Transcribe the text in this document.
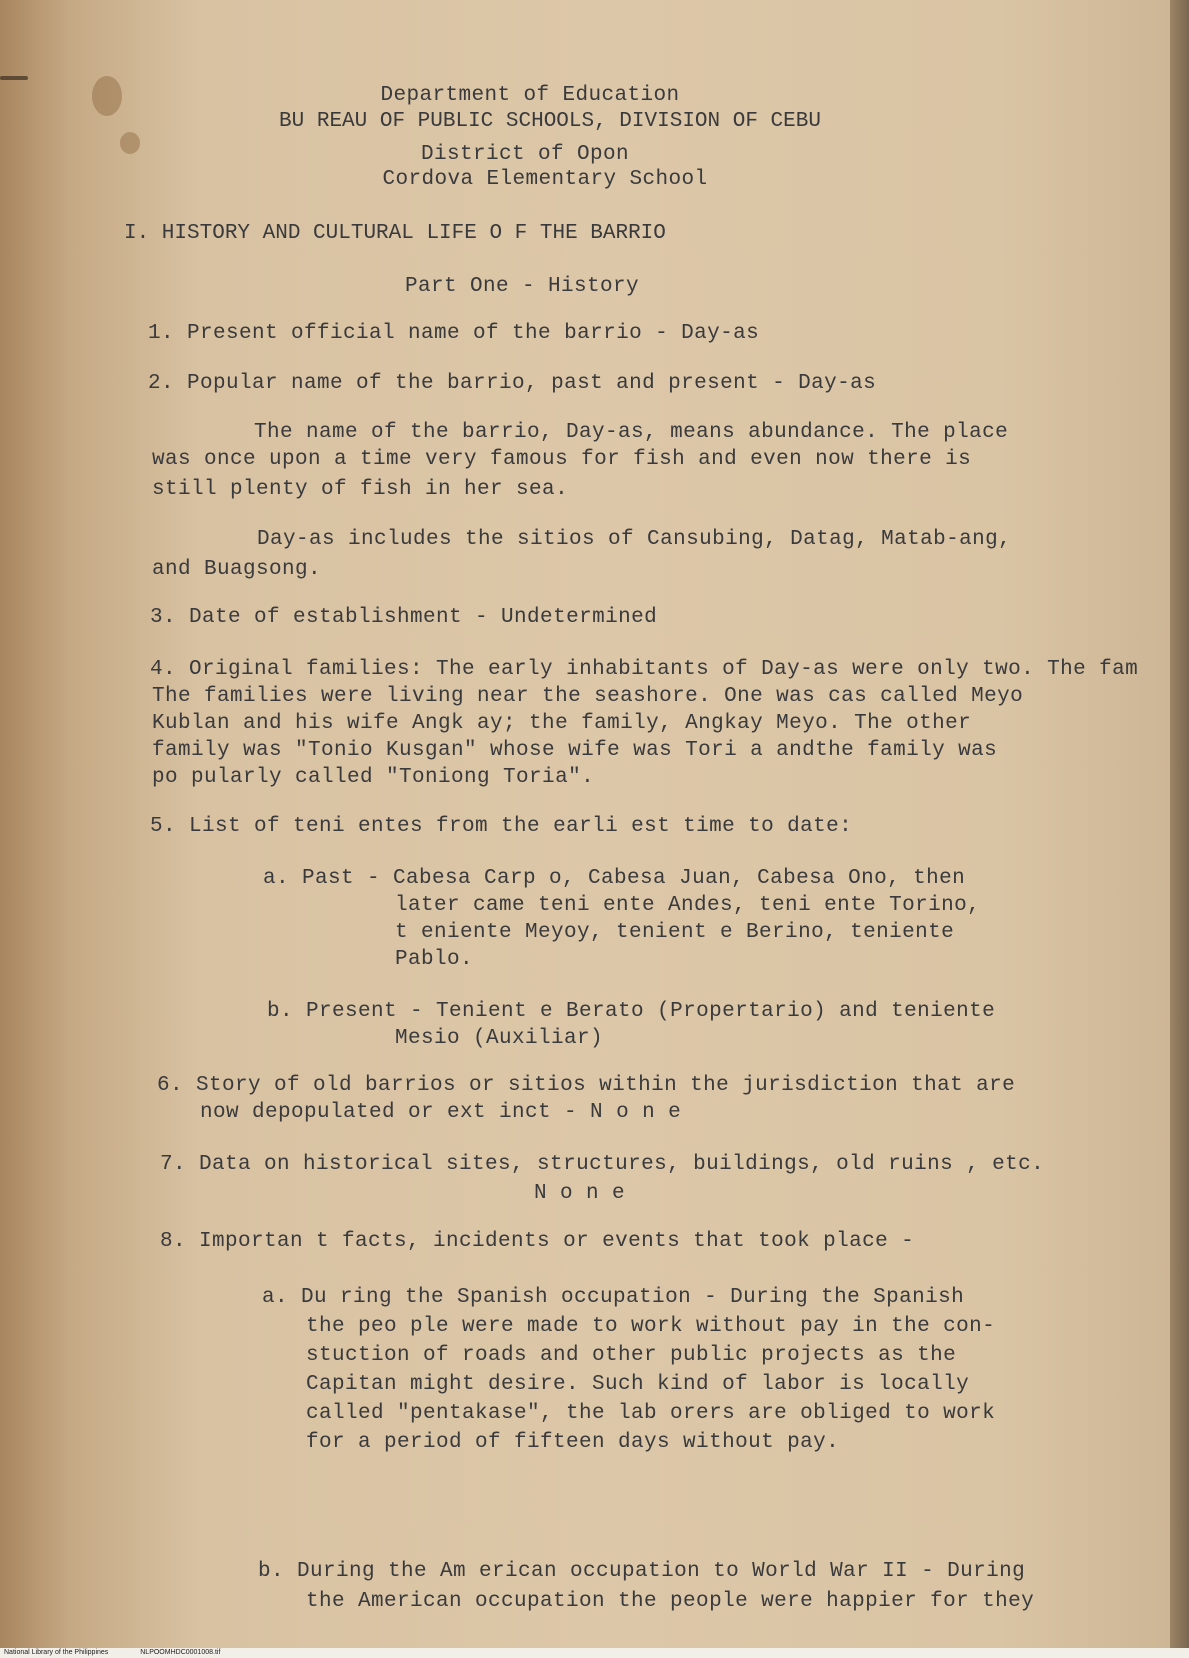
Department of Education
BU REAU OF PUBLIC SCHOOLS, DIVISION OF CEBU
District of Opon
Cordova Elementary School
I. HISTORY AND CULTURAL LIFE O F THE BARRIO
Part One - History
1. Present official name of the barrio - Day-as
2. Popular name of the barrio, past and present - Day-as
The name of the barrio, Day-as, means abundance. The place
was once upon a time very famous for fish and even now there is
still plenty of fish in her sea.
Day-as includes the sitios of Cansubing, Datag, Matab-ang,
and Buagsong.
3. Date of establishment - Undetermined
4. Original families: The early inhabitants of Day-as were only two. The fam
The families were living near the seashore. One was cas called Meyo
Kublan and his wife Angk ay; the family, Angkay Meyo. The other
family was "Tonio Kusgan" whose wife was Tori a andthe family was
po pularly called "Toniong Toria".
5. List of teni entes from the earli est time to date:
a. Past - Cabesa Carp o, Cabesa Juan, Cabesa Ono, then
later came teni ente Andes, teni ente Torino,
t eniente Meyoy, tenient e Berino, teniente
Pablo.
b. Present - Tenient e Berato (Propertario) and teniente
Mesio (Auxiliar)
6. Story of old barrios or sitios within the jurisdiction that are
now depopulated or ext inct - N o n e
7. Data on historical sites, structures, buildings, old ruins , etc.
N o n e
8. Importan t facts, incidents or events that took place -
a. Du ring the Spanish occupation - During the Spanish
the peo ple were made to work without pay in the con-
stuction of roads and other public projects as the
Capitan might desire. Such kind of labor is locally
called "pentakase", the lab orers are obliged to work
for a period of fifteen days without pay.
b. During the Am erican occupation to World War II - During
the American occupation the people were happier for they
National Library of the Philippines	NLPOOMHDC0001008.tif
